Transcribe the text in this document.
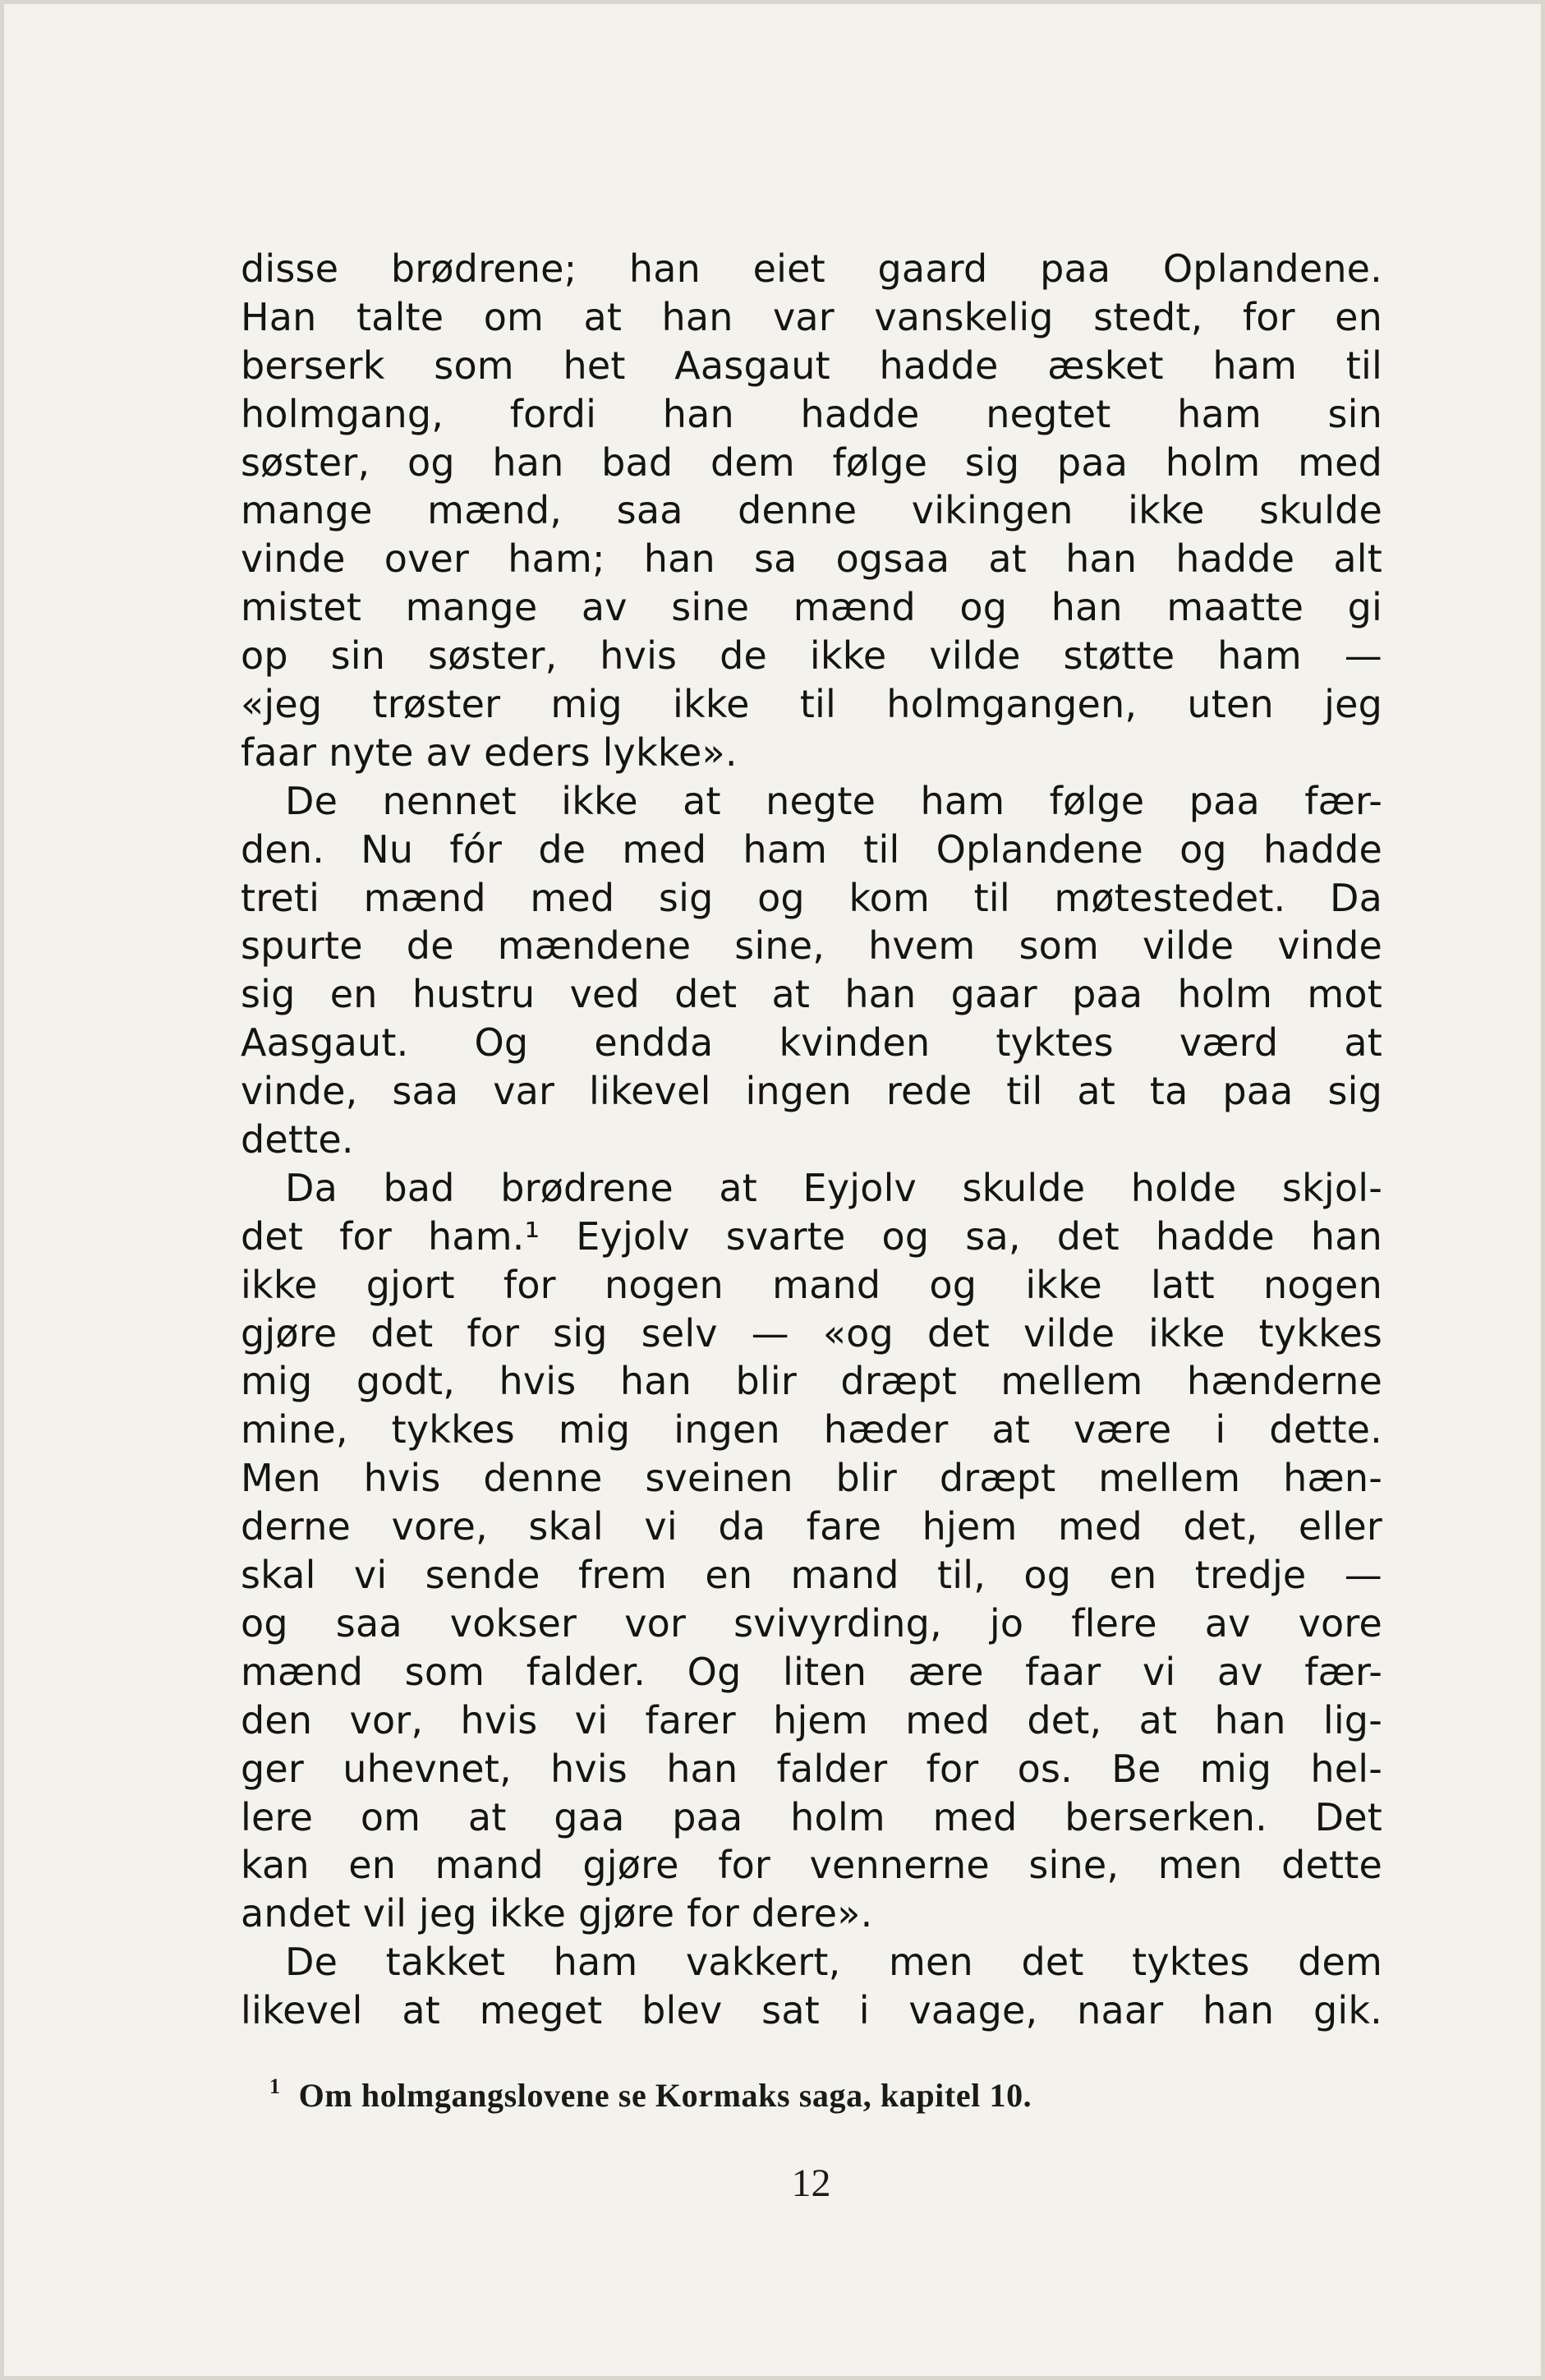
disse brødrene; han eiet gaard paa Oplandene.
Han talte om at han var vanskelig stedt, for en
berserk som het Aasgaut hadde æsket ham til
holmgang, fordi han hadde negtet ham sin
søster, og han bad dem følge sig paa holm med
mange mænd, saa denne vikingen ikke skulde
vinde over ham; han sa ogsaa at han hadde alt
mistet mange av sine mænd og han maatte gi
op sin søster, hvis de ikke vilde støtte ham —
«jeg trøster mig ikke til holmgangen, uten jeg
faar nyte av eders lykke».
De nennet ikke at negte ham følge paa fær-
den. Nu fór de med ham til Oplandene og hadde
treti mænd med sig og kom til møtestedet. Da
spurte de mændene sine, hvem som vilde vinde
sig en hustru ved det at han gaar paa holm mot
Aasgaut. Og endda kvinden tyktes værd at
vinde, saa var likevel ingen rede til at ta paa sig
dette.
Da bad brødrene at Eyjolv skulde holde skjol-
det for ham.¹ Eyjolv svarte og sa, det hadde han
ikke gjort for nogen mand og ikke latt nogen
gjøre det for sig selv — «og det vilde ikke tykkes
mig godt, hvis han blir dræpt mellem hænderne
mine, tykkes mig ingen hæder at være i dette.
Men hvis denne sveinen blir dræpt mellem hæn-
derne vore, skal vi da fare hjem med det, eller
skal vi sende frem en mand til, og en tredje —
og saa vokser vor svivyrding, jo flere av vore
mænd som falder. Og liten ære faar vi av fær-
den vor, hvis vi farer hjem med det, at han lig-
ger uhevnet, hvis han falder for os. Be mig hel-
lere om at gaa paa holm med berserken. Det
kan en mand gjøre for vennerne sine, men dette
andet vil jeg ikke gjøre for dere».
De takket ham vakkert, men det tyktes dem
likevel at meget blev sat i vaage, naar han gik.
$^1$ Om holmgangslovene se Kormaks saga, kapitel 10.
12
